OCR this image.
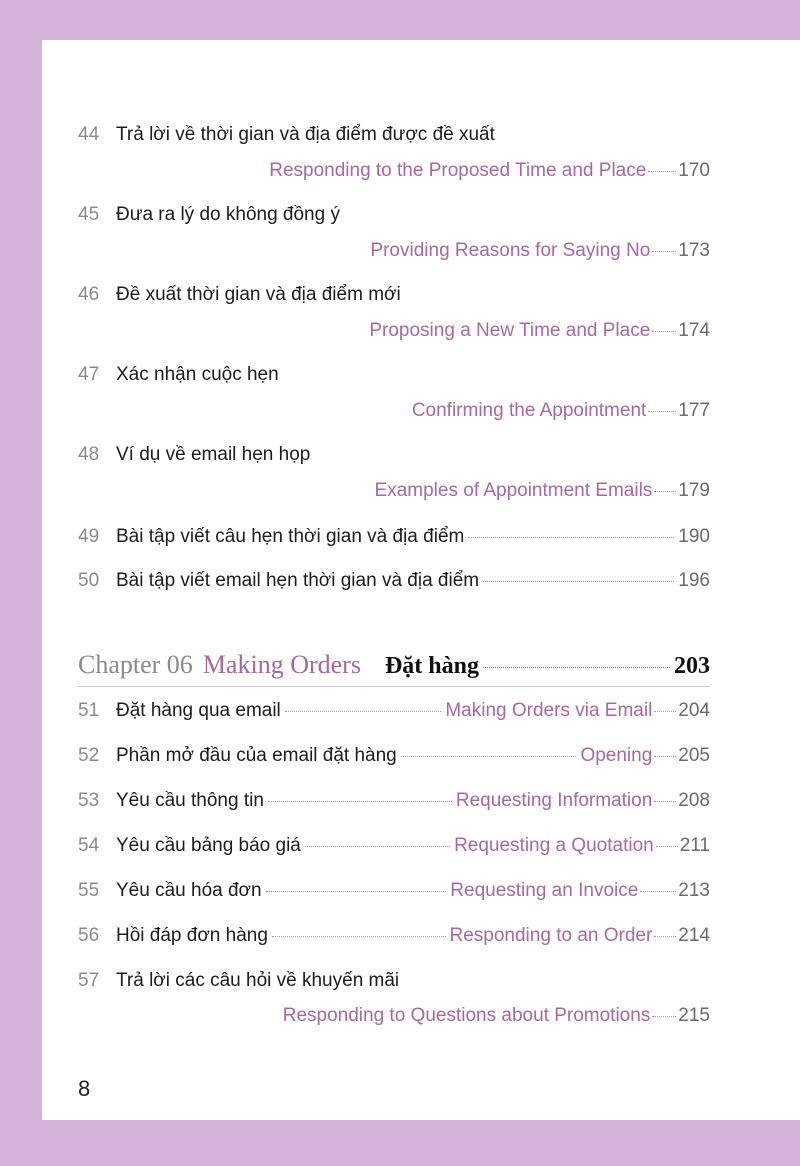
44 Trả lời về thời gian và địa điểm được đề xuất
Responding to the Proposed Time and Place 170
45 Đưa ra lý do không đồng ý
Providing Reasons for Saying No 173
46 Đề xuất thời gian và địa điểm mới
Proposing a New Time and Place 174
47 Xác nhận cuộc hẹn
Confirming the Appointment 177
48 Ví dụ về email hẹn họp
Examples of Appointment Emails 179
49 Bài tập viết câu hẹn thời gian và địa điểm	190
50 Bài tập viết email hẹn thời gian và địa điểm	196
Chapter 06 Making Orders Đặt hàng	203
51 Đặt hàng qua email	Making Orders via Email 204
52 Phần mở đầu của email đặt hàng	Opening 205
53 Yêu cầu thông tin	Requesting Information 208
54 Yêu cầu bảng báo giá	Requesting a Quotation 211
55 Yêu cầu hóa đơn	Requesting an Invoice 213
56 Hồi đáp đơn hàng	Responding to an Order 214
57 Trả lời các câu hỏi về khuyến mãi
Responding to Questions about Promotions 215
8
